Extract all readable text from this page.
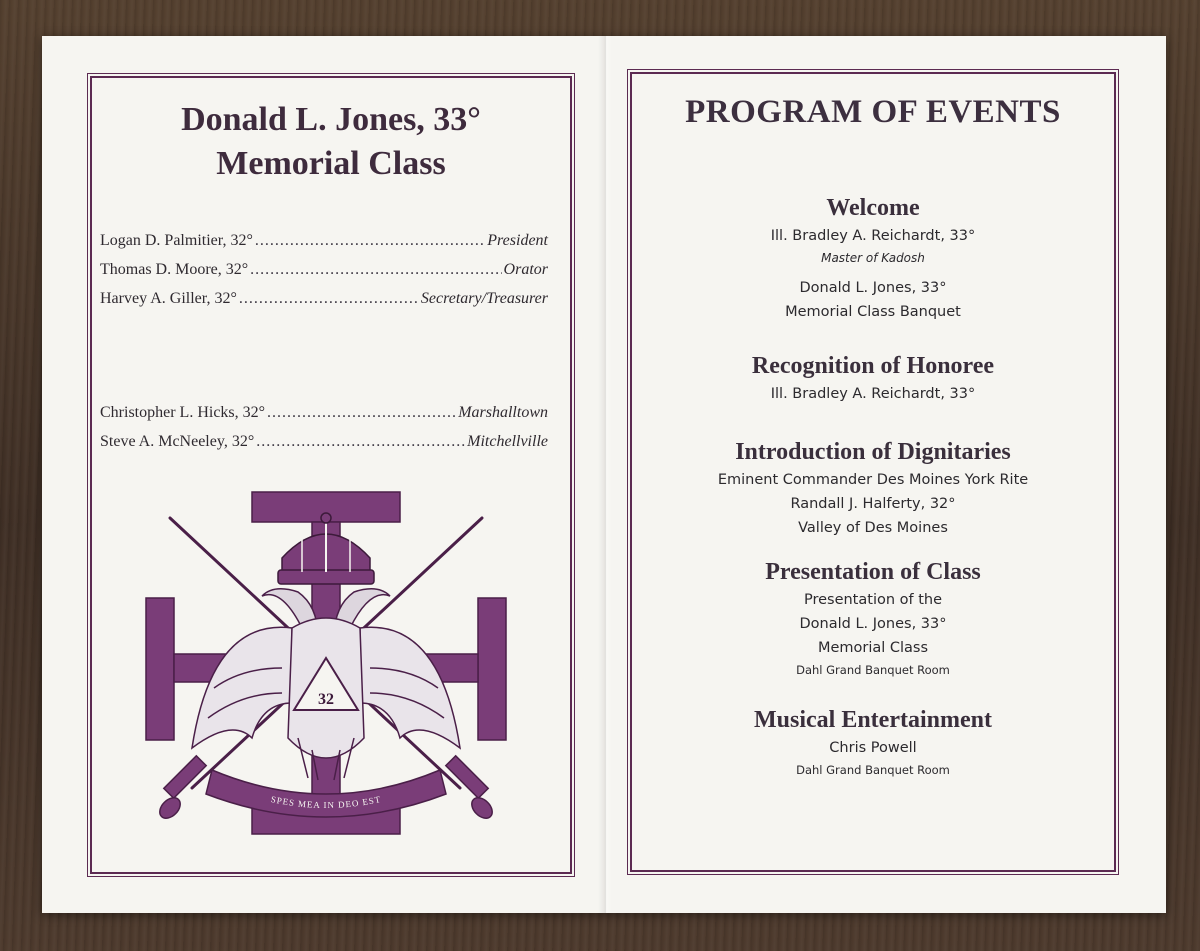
Donald L. Jones, 33°
Memorial Class
Logan D. Palmitier, 32° .....	President
Thomas D. Moore, 32° .....	Orator
Harvey A. Giller, 32° .....	Secretary/Treasurer
Christopher L. Hicks, 32° .....	Marshalltown
Steve A. McNeeley, 32° .....	Mitchellville
32
SPES MEA IN DEO EST
PROGRAM OF EVENTS
Welcome
Ill. Bradley A. Reichardt, 33°
Master of Kadosh
Donald L. Jones, 33°
Memorial Class Banquet
Recognition of Honoree
Ill. Bradley A. Reichardt, 33°
Introduction of Dignitaries
Eminent Commander Des Moines York Rite
Randall J. Halferty, 32°
Valley of Des Moines
Presentation of Class
Presentation of the
Donald L. Jones, 33°
Memorial Class
Dahl Grand Banquet Room
Musical Entertainment
Chris Powell
Dahl Grand Banquet Room
